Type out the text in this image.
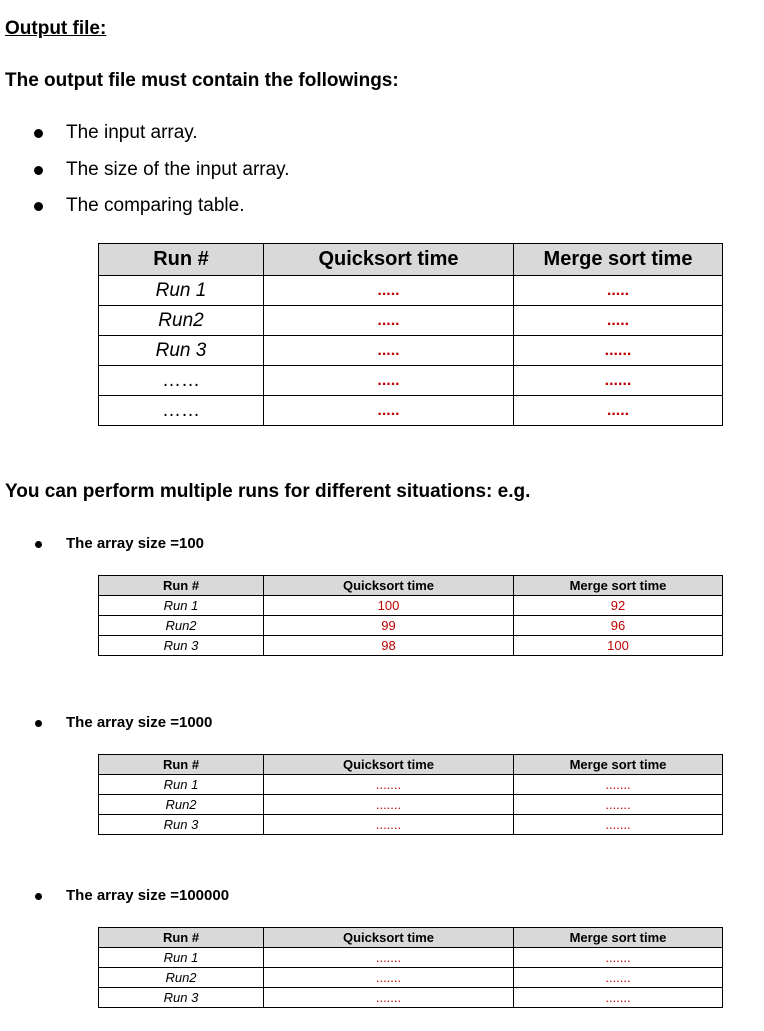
Output file:
The output file must contain the followings:
The input array.
The size of the input array.
The comparing table.
Run #	Quicksort time	Merge sort time
Run 1	.....	.....
Run2	.....	.....
Run 3	.....	......
……	.....	......
……	.....	.....
You can perform multiple runs for different situations: e.g.
The array size =100
Run #	Quicksort time	Merge sort time
Run 1	100	92
Run2	99	96
Run 3	98	100
The array size =1000
Run #	Quicksort time	Merge sort time
Run 1	.......	.......
Run2	.......	.......
Run 3	.......	.......
The array size =100000
Run #	Quicksort time	Merge sort time
Run 1	.......	.......
Run2	.......	.......
Run 3	.......	.......
